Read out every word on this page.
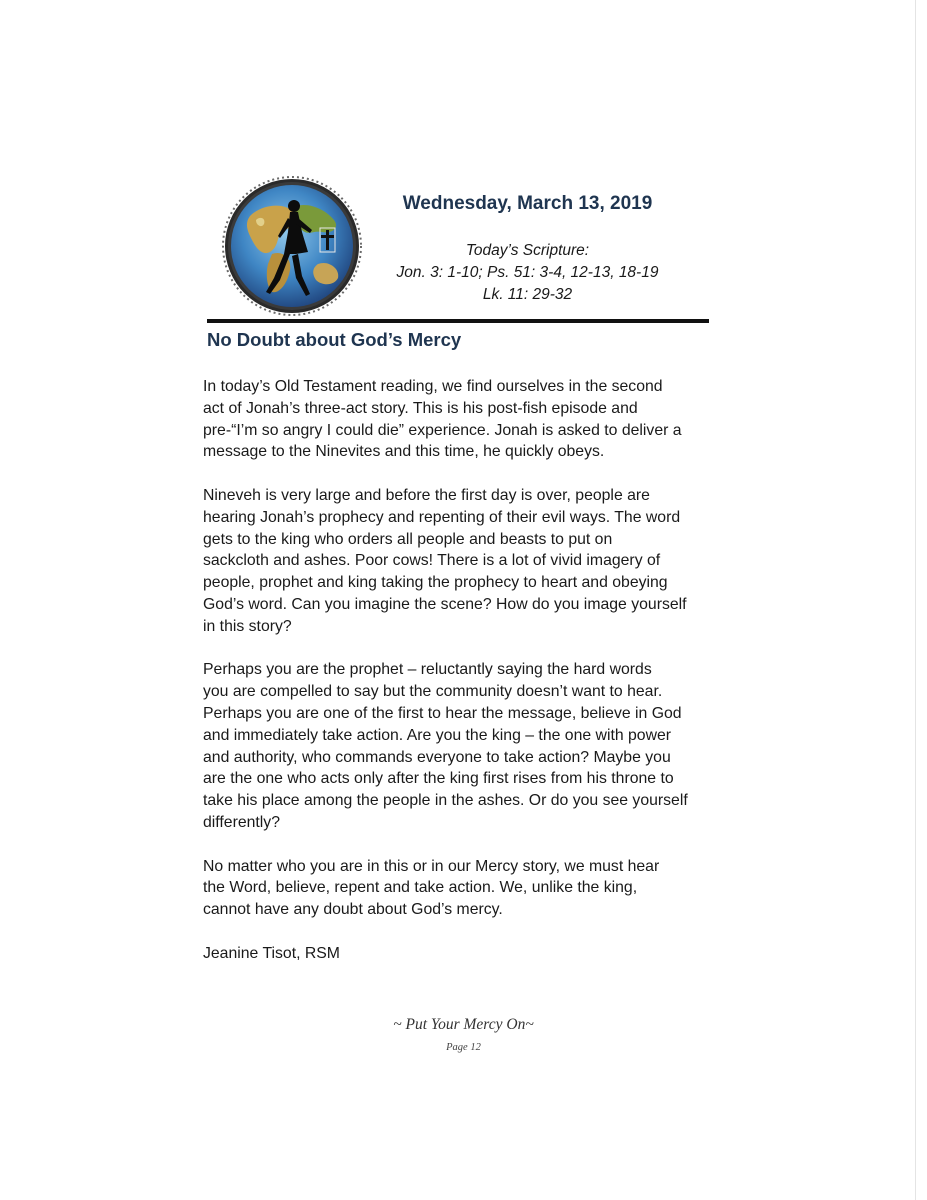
Wednesday, March 13, 2019
Today’s Scripture:
Jon. 3: 1-10; Ps. 51: 3-4, 12-13, 18-19
Lk. 11: 29-32
No Doubt about God’s Mercy

In today’s Old Testament reading, we find ourselves in the second
act of Jonah’s three-act story. This is his post-fish episode and
pre-“I’m so angry I could die” experience. Jonah is asked to deliver a
message to the Ninevites and this time, he quickly obeys.

Nineveh is very large and before the first day is over, people are
hearing Jonah’s prophecy and repenting of their evil ways. The word
gets to the king who orders all people and beasts to put on
sackcloth and ashes. Poor cows! There is a lot of vivid imagery of
people, prophet and king taking the prophecy to heart and obeying
God’s word. Can you imagine the scene? How do you image yourself
in this story?

Perhaps you are the prophet – reluctantly saying the hard words
you are compelled to say but the community doesn’t want to hear.
Perhaps you are one of the first to hear the message, believe in God
and immediately take action. Are you the king – the one with power
and authority, who commands everyone to take action? Maybe you
are the one who acts only after the king first rises from his throne to
take his place among the people in the ashes. Or do you see yourself
differently?

No matter who you are in this or in our Mercy story, we must hear
the Word, believe, repent and take action. We, unlike the king,
cannot have any doubt about God’s mercy.

Jeanine Tisot, RSM

~ Put Your Mercy On~
Page 12
